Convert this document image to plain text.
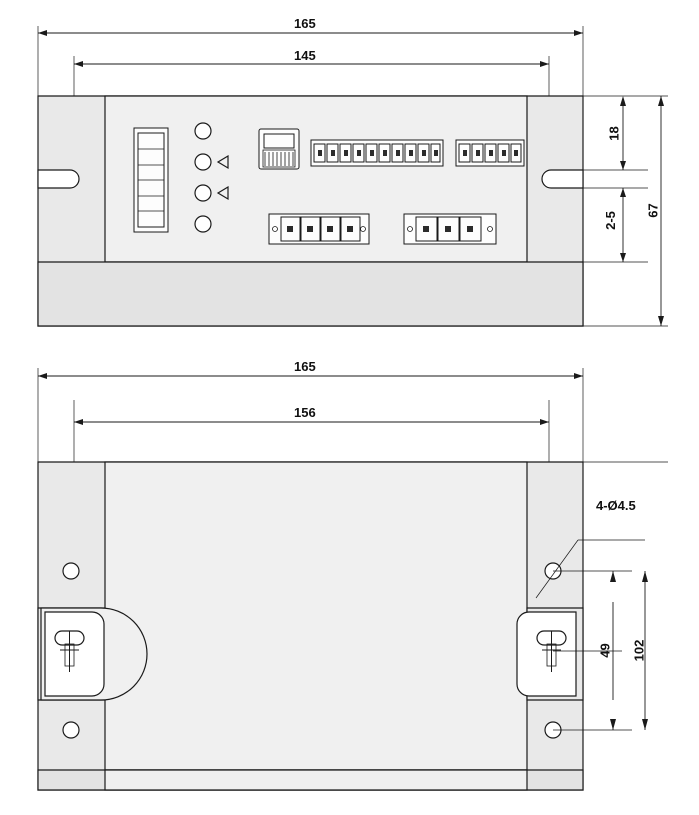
165
145
18
2-5
67
165
156
4-Ø4.5
49 102
